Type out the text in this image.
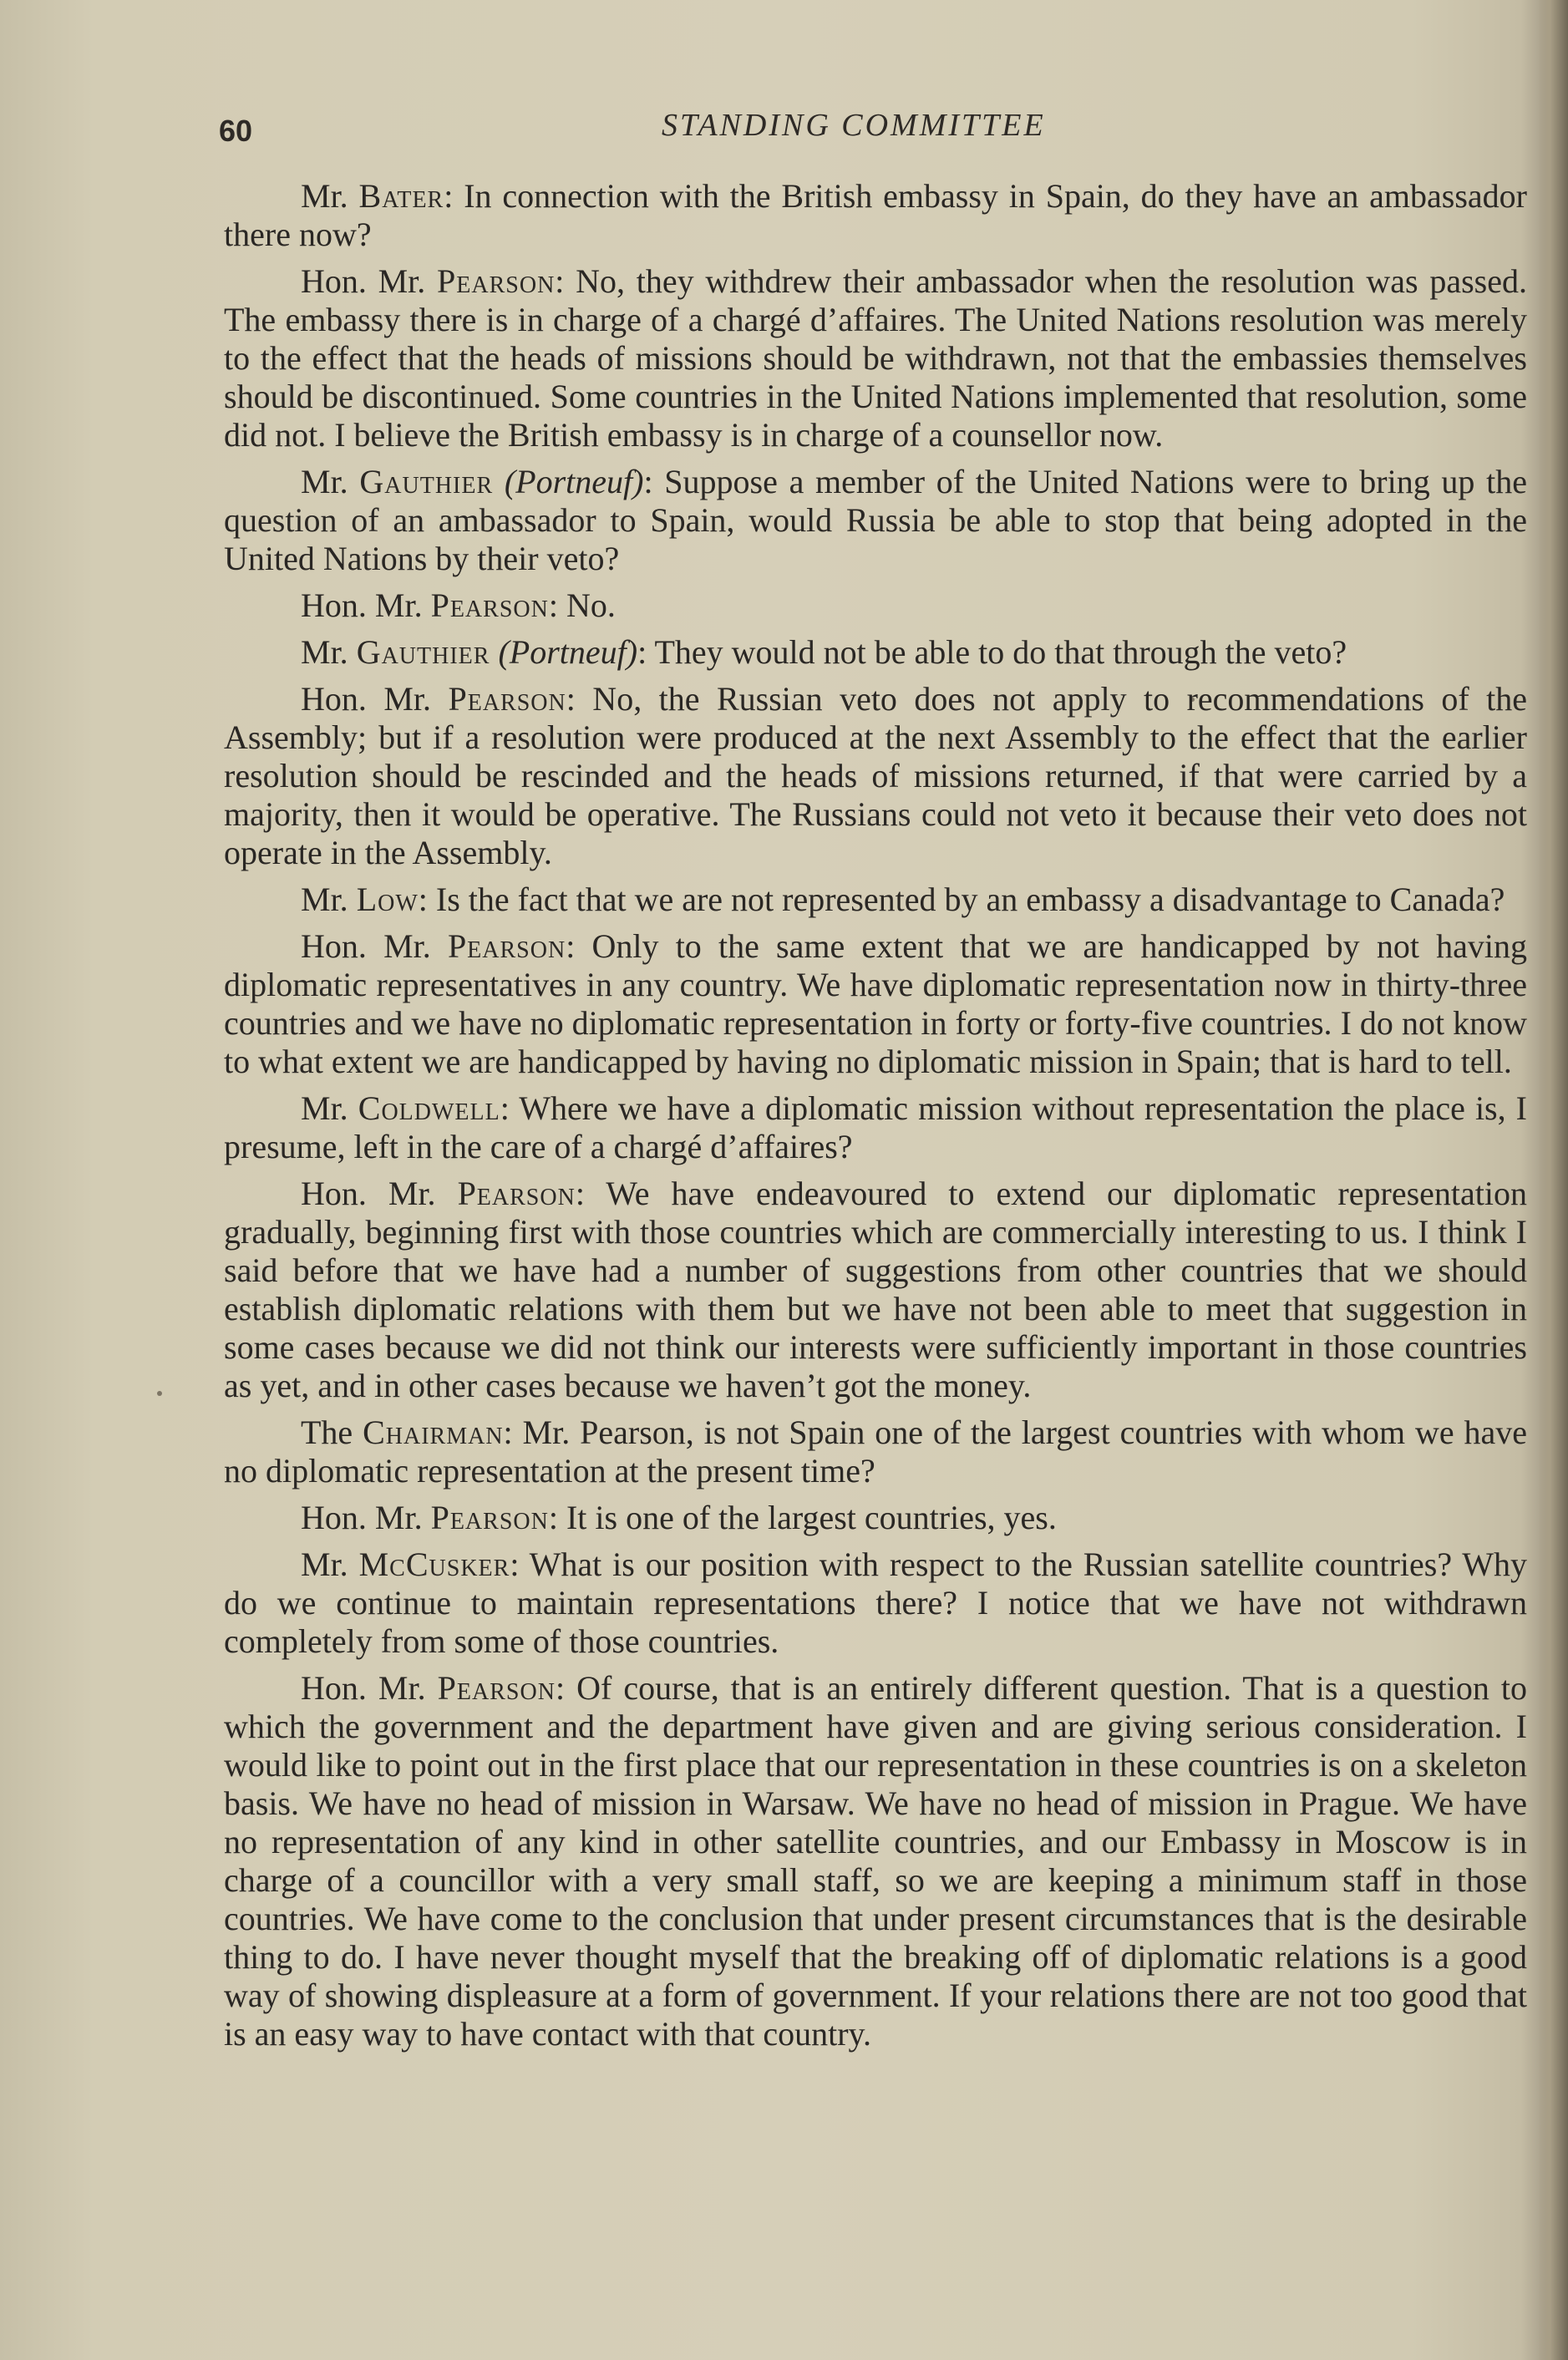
60	STANDING COMMITTEE

Mr. Bater: In connection with the British embassy in Spain, do they have an ambassador there now?

Hon. Mr. Pearson: No, they withdrew their ambassador when the resolution was passed. The embassy there is in charge of a chargé d’affaires. The United Nations resolution was merely to the effect that the heads of missions should be withdrawn, not that the embassies themselves should be discontinued. Some countries in the United Nations implemented that resolution, some did not. I believe the British embassy is in charge of a counsellor now.

Mr. Gauthier (Portneuf): Suppose a member of the United Nations were to bring up the question of an ambassador to Spain, would Russia be able to stop that being adopted in the United Nations by their veto?

Hon. Mr. Pearson: No.

Mr. Gauthier (Portneuf): They would not be able to do that through the veto?

Hon. Mr. Pearson: No, the Russian veto does not apply to recommendations of the Assembly; but if a resolution were produced at the next Assembly to the effect that the earlier resolution should be rescinded and the heads of missions returned, if that were carried by a majority, then it would be operative. The Russians could not veto it because their veto does not operate in the Assembly.

Mr. Low: Is the fact that we are not represented by an embassy a disadvantage to Canada?

Hon. Mr. Pearson: Only to the same extent that we are handicapped by not having diplomatic representatives in any country. We have diplomatic representation now in thirty-three countries and we have no diplomatic representation in forty or forty-five countries. I do not know to what extent we are handicapped by having no diplomatic mission in Spain; that is hard to tell.

Mr. Coldwell: Where we have a diplomatic mission without representation the place is, I presume, left in the care of a chargé d’affaires?

Hon. Mr. Pearson: We have endeavoured to extend our diplomatic representation gradually, beginning first with those countries which are commercially interesting to us. I think I said before that we have had a number of suggestions from other countries that we should establish diplomatic relations with them but we have not been able to meet that suggestion in some cases because we did not think our interests were sufficiently important in those countries as yet, and in other cases because we haven’t got the money.

The Chairman: Mr. Pearson, is not Spain one of the largest countries with whom we have no diplomatic representation at the present time?

Hon. Mr. Pearson: It is one of the largest countries, yes.

Mr. McCusker: What is our position with respect to the Russian satellite countries? Why do we continue to maintain representations there? I notice that we have not withdrawn completely from some of those countries.

Hon. Mr. Pearson: Of course, that is an entirely different question. That is a question to which the government and the department have given and are giving serious consideration. I would like to point out in the first place that our representation in these countries is on a skeleton basis. We have no head of mission in Warsaw. We have no head of mission in Prague. We have no representation of any kind in other satellite countries, and our Embassy in Moscow is in charge of a councillor with a very small staff, so we are keeping a minimum staff in those countries. We have come to the conclusion that under present circumstances that is the desirable thing to do. I have never thought myself that the breaking off of diplomatic relations is a good way of showing displeasure at a form of government. If your relations there are not too good that is an easy way to have contact with that country.
